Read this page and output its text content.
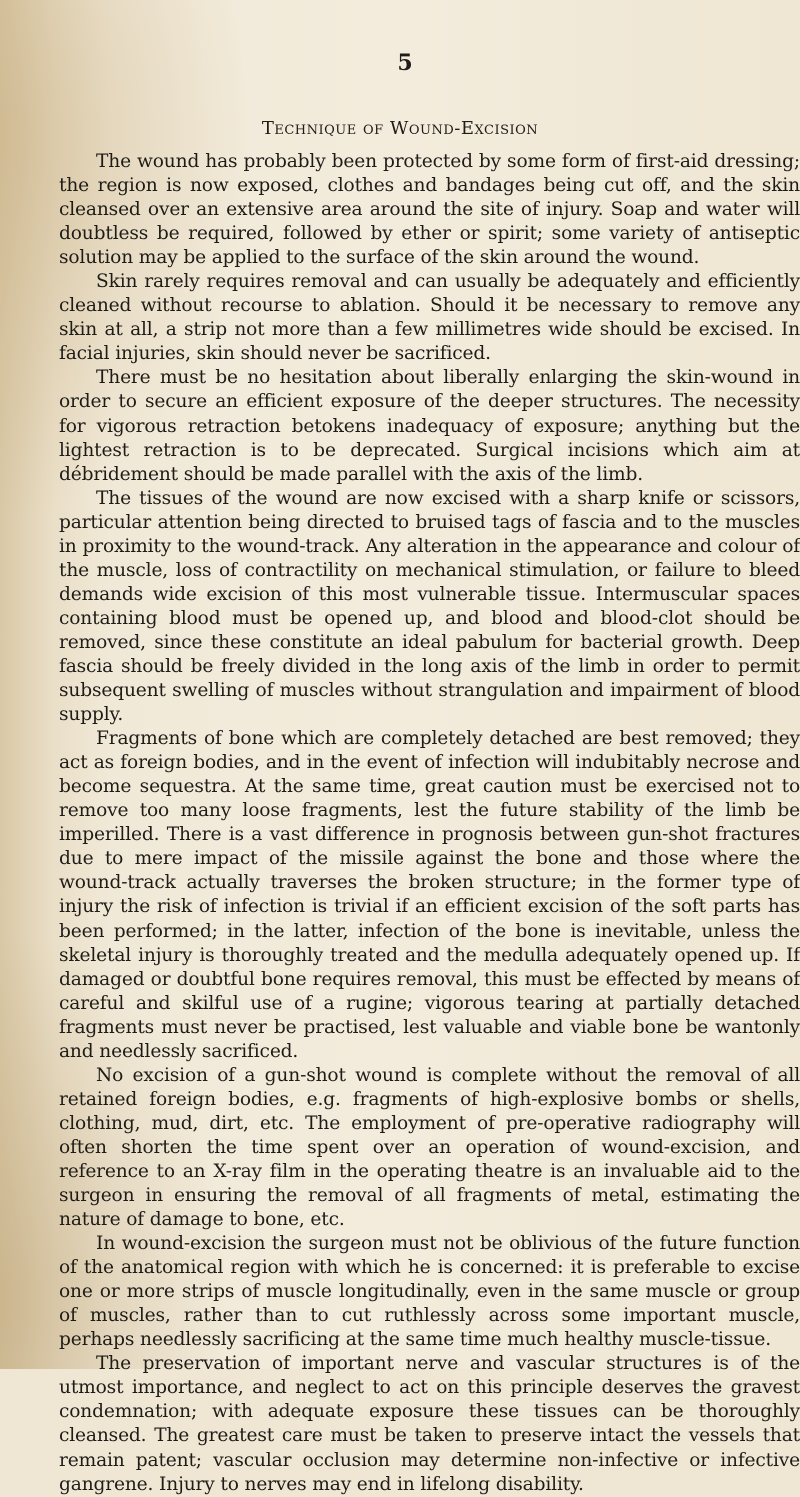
5
Technique of Wound-Excision

The wound has probably been protected by some form of first-aid dressing; the region is now exposed, clothes and bandages being cut off, and the skin cleansed over an extensive area around the site of injury. Soap and water will doubtless be required, followed by ether or spirit; some variety of antiseptic solution may be applied to the surface of the skin around the wound.

Skin rarely requires removal and can usually be adequately and efficiently cleaned without recourse to ablation. Should it be necessary to remove any skin at all, a strip not more than a few millimetres wide should be excised. In facial injuries, skin should never be sacrificed.

There must be no hesitation about liberally enlarging the skin-wound in order to secure an efficient exposure of the deeper structures. The necessity for vigorous retraction betokens inadequacy of exposure; anything but the lightest retraction is to be deprecated. Surgical incisions which aim at débridement should be made parallel with the axis of the limb.

The tissues of the wound are now excised with a sharp knife or scissors, particular attention being directed to bruised tags of fascia and to the muscles in proximity to the wound-track. Any alteration in the appearance and colour of the muscle, loss of contractility on mechanical stimulation, or failure to bleed demands wide excision of this most vulnerable tissue. Intermuscular spaces containing blood must be opened up, and blood and blood-clot should be removed, since these constitute an ideal pabulum for bacterial growth. Deep fascia should be freely divided in the long axis of the limb in order to permit subsequent swelling of muscles without strangulation and impairment of blood supply.

Fragments of bone which are completely detached are best removed; they act as foreign bodies, and in the event of infection will indubitably necrose and become sequestra. At the same time, great caution must be exercised not to remove too many loose fragments, lest the future stability of the limb be imperilled. There is a vast difference in prognosis between gun-shot fractures due to mere impact of the missile against the bone and those where the wound-track actually traverses the broken structure; in the former type of injury the risk of infection is trivial if an efficient excision of the soft parts has been performed; in the latter, infection of the bone is inevitable, unless the skeletal injury is thoroughly treated and the medulla adequately opened up. If damaged or doubtful bone requires removal, this must be effected by means of careful and skilful use of a rugine; vigorous tearing at partially detached fragments must never be practised, lest valuable and viable bone be wantonly and needlessly sacrificed.

No excision of a gun-shot wound is complete without the removal of all retained foreign bodies, e.g. fragments of high-explosive bombs or shells, clothing, mud, dirt, etc. The employment of pre-operative radiography will often shorten the time spent over an operation of wound-excision, and reference to an X-ray film in the operating theatre is an invaluable aid to the surgeon in ensuring the removal of all fragments of metal, estimating the nature of damage to bone, etc.

In wound-excision the surgeon must not be oblivious of the future function of the anatomical region with which he is concerned: it is preferable to excise one or more strips of muscle longitudinally, even in the same muscle or group of muscles, rather than to cut ruthlessly across some important muscle, perhaps needlessly sacrificing at the same time much healthy muscle-tissue.

The preservation of important nerve and vascular structures is of the utmost importance, and neglect to act on this principle deserves the gravest condemnation; with adequate exposure these tissues can be thoroughly cleansed. The greatest care must be taken to preserve intact the vessels that remain patent; vascular occlusion may determine non-infective or infective gangrene. Injury to nerves may end in lifelong disability.
